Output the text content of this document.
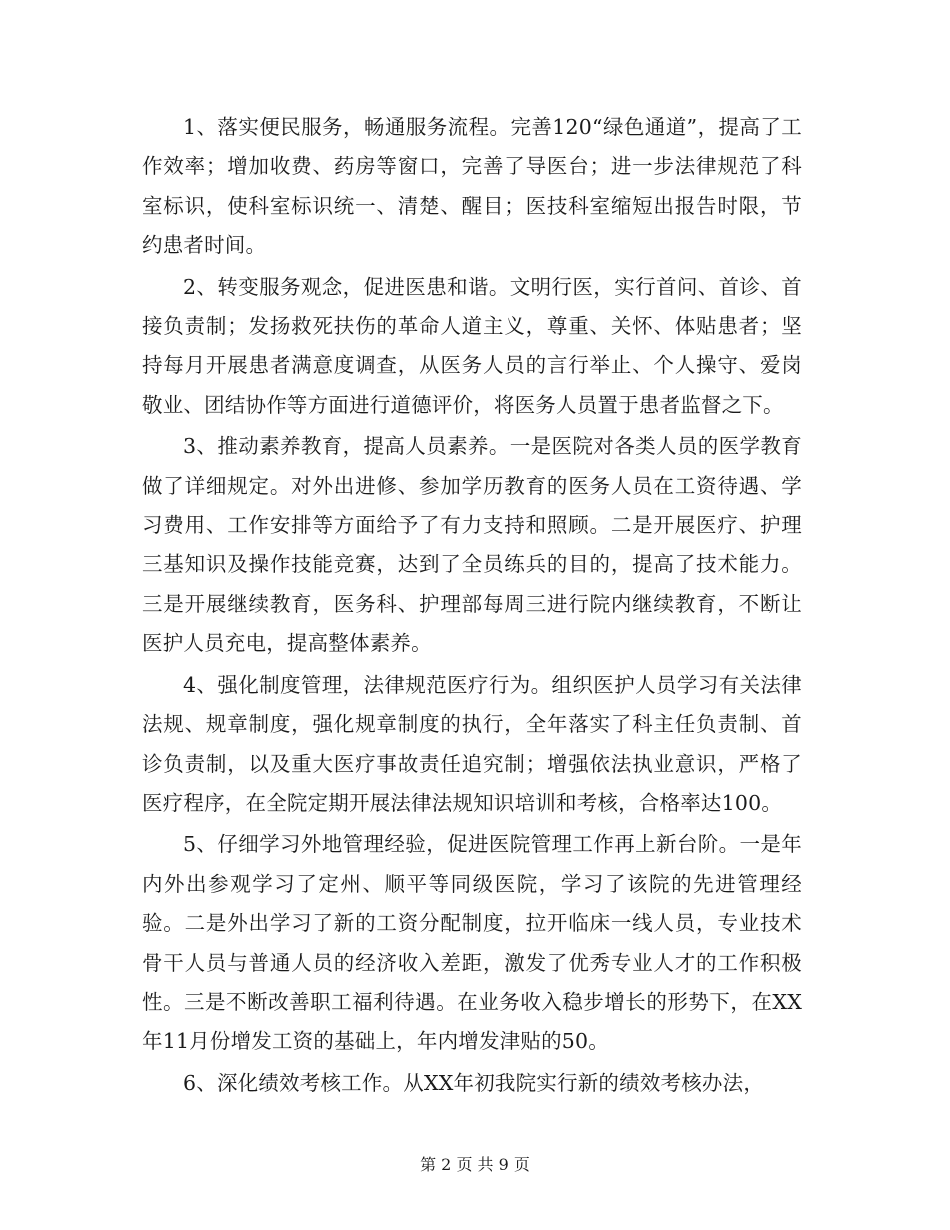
1、落实便民服务，畅通服务流程。完善120“绿色通道”，提高了工作效率；增加收费、药房等窗口，完善了导医台；进一步法律规范了科室标识，使科室标识统一、清楚、醒目；医技科室缩短出报告时限，节约患者时间。

2、转变服务观念，促进医患和谐。文明行医，实行首问、首诊、首接负责制；发扬救死扶伤的革命人道主义，尊重、关怀、体贴患者；坚持每月开展患者满意度调查，从医务人员的言行举止、个人操守、爱岗敬业、团结协作等方面进行道德评价，将医务人员置于患者监督之下。

3、推动素养教育，提高人员素养。一是医院对各类人员的医学教育做了详细规定。对外出进修、参加学历教育的医务人员在工资待遇、学习费用、工作安排等方面给予了有力支持和照顾。二是开展医疗、护理三基知识及操作技能竞赛，达到了全员练兵的目的，提高了技术能力。三是开展继续教育，医务科、护理部每周三进行院内继续教育，不断让医护人员充电，提高整体素养。

4、强化制度管理，法律规范医疗行为。组织医护人员学习有关法律法规、规章制度，强化规章制度的执行，全年落实了科主任负责制、首诊负责制，以及重大医疗事故责任追究制；增强依法执业意识，严格了医疗程序，在全院定期开展法律法规知识培训和考核，合格率达100。

5、仔细学习外地管理经验，促进医院管理工作再上新台阶。一是年内外出参观学习了定州、顺平等同级医院，学习了该院的先进管理经验。二是外出学习了新的工资分配制度，拉开临床一线人员，专业技术骨干人员与普通人员的经济收入差距，激发了优秀专业人才的工作积极性。三是不断改善职工福利待遇。在业务收入稳步增长的形势下，在XX年11月份增发工资的基础上，年内增发津贴的50。

6、深化绩效考核工作。从XX年初我院实行新的绩效考核办法，

第 2 页 共 9 页
